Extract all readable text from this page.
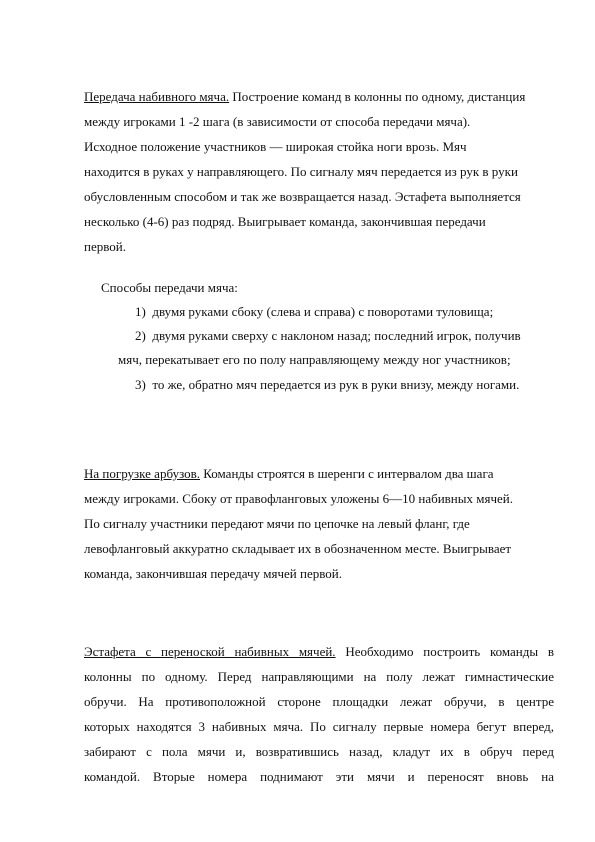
Передача набивного мяча. Построение команд в колонны по одному, дистанция
между игроками 1 -2 шага (в зависимости от способа передачи мяча).
Исходное положение участников — широкая стойка ноги врозь. Мяч
находится в руках у направляющего. По сигналу мяч передается из рук в руки
обусловленным способом и так же возвращается назад. Эстафета выполняется
несколько (4-6) раз подряд. Выигрывает команда, закончившая передачи
первой.
Способы передачи мяча:
1) двумя руками сбоку (слева и справа) с поворотами туловища;
2) двумя руками сверху с наклоном назад; последний игрок, получив
мяч, перекатывает его по полу направляющему между ног участников;
3) то же, обратно мяч передается из рук в руки внизу, между ногами.
На погрузке арбузов. Команды строятся в шеренги с интервалом два шага
между игроками. Сбоку от правофланговых уложены 6—10 набивных мячей.
По сигналу участники передают мячи по цепочке на левый фланг, где
левофланговый аккуратно складывает их в обозначенном месте. Выигрывает
команда, закончившая передачу мячей первой.
Эстафета с переноской набивных мячей. Необходимо построить команды в
колонны по одному. Перед направляющими на полу лежат гимнастические
обручи. На противоположной стороне площадки лежат обручи, в центре
которых находятся 3 набивных мяча. По сигналу первые номера бегут вперед,
забирают с пола мячи и, возвратившись назад, кладут их в обруч перед
командой. Вторые номера поднимают эти мячи и переносят вновь на
